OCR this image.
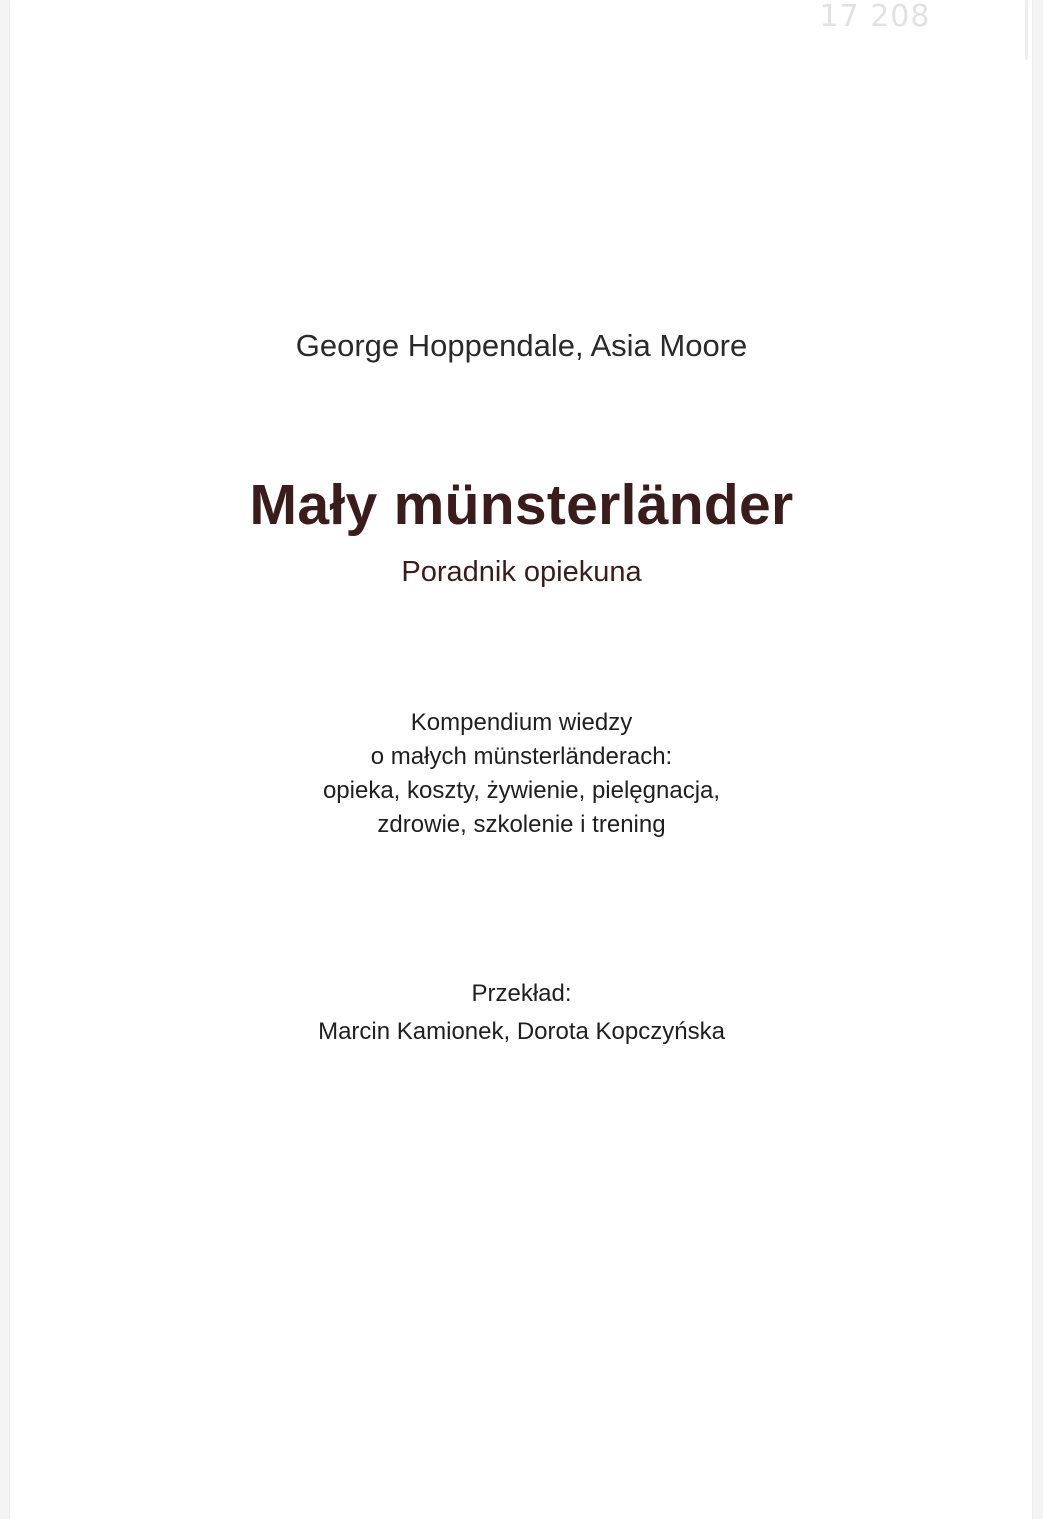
17 208
George Hoppendale, Asia Moore
Mały münsterländer
Poradnik opiekuna
Kompendium wiedzy
o małych münsterländerach:
opieka, koszty, żywienie, pielęgnacja,
zdrowie, szkolenie i trening
Przekład:
Marcin Kamionek, Dorota Kopczyńska
